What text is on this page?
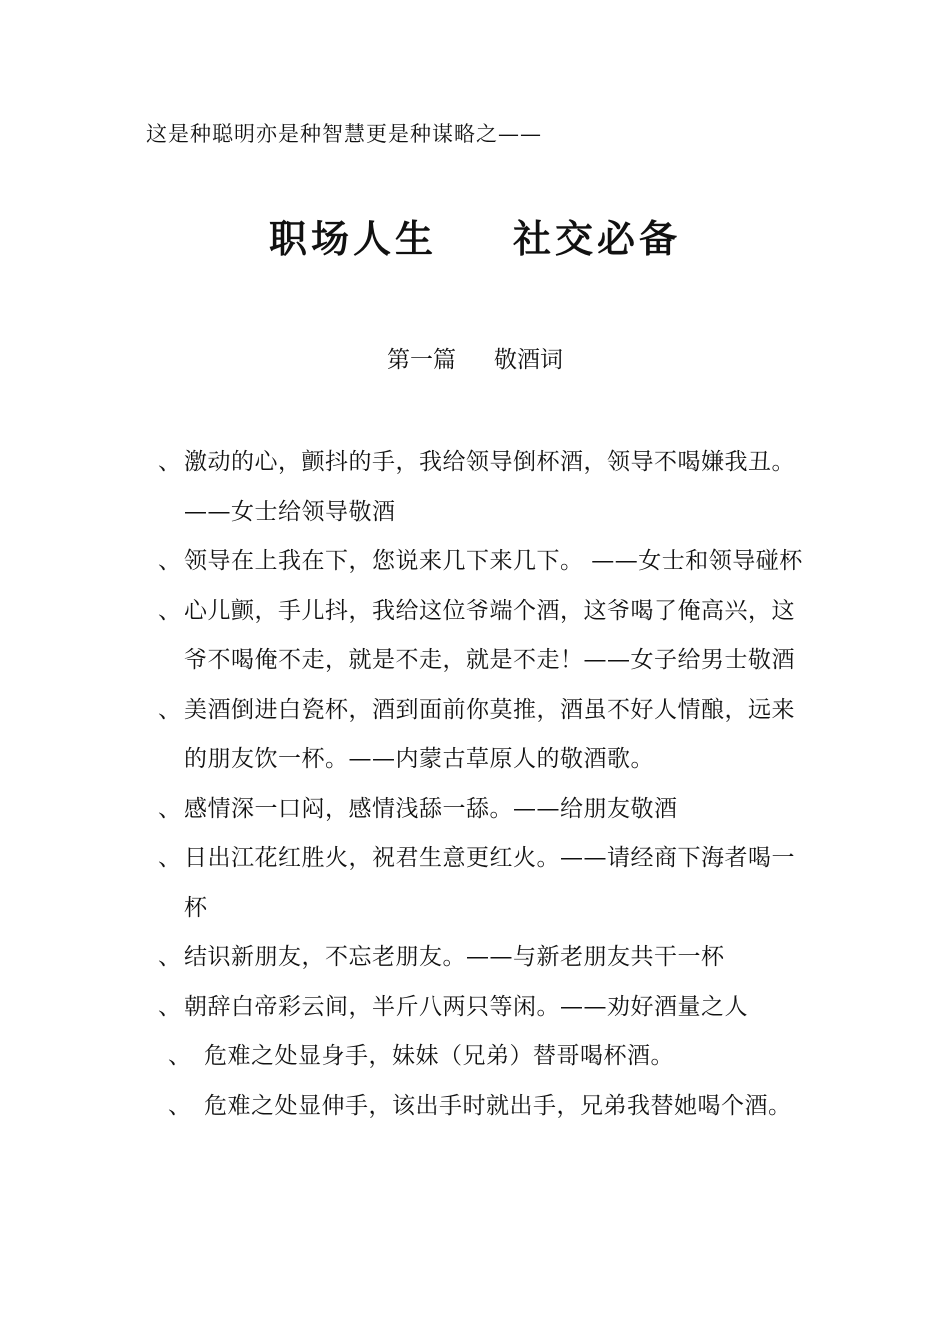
这是种聪明亦是种智慧更是种谋略之——
职场人生 社交必备
第一篇 敬酒词
、 激动的心，颤抖的手，我给领导倒杯酒，领导不喝嫌我丑。——女士给领导敬酒
、 领导在上我在下，您说来几下来几下。 ——女士和领导碰杯
、 心儿颤，手儿抖，我给这位爷端个酒，这爷喝了俺高兴，这爷不喝俺不走，就是不走，就是不走！——女子给男士敬酒
、 美酒倒进白瓷杯，酒到面前你莫推，酒虽不好人情酿，远来的朋友饮一杯。——内蒙古草原人的敬酒歌。
、 感情深一口闷，感情浅舔一舔。——给朋友敬酒
、 日出江花红胜火，祝君生意更红火。——请经商下海者喝一杯
、 结识新朋友，不忘老朋友。——与新老朋友共干一杯
、 朝辞白帝彩云间，半斤八两只等闲。——劝好酒量之人
、 危难之处显身手，妹妹（兄弟）替哥喝杯酒。
、 危难之处显伸手，该出手时就出手，兄弟我替她喝个酒。
